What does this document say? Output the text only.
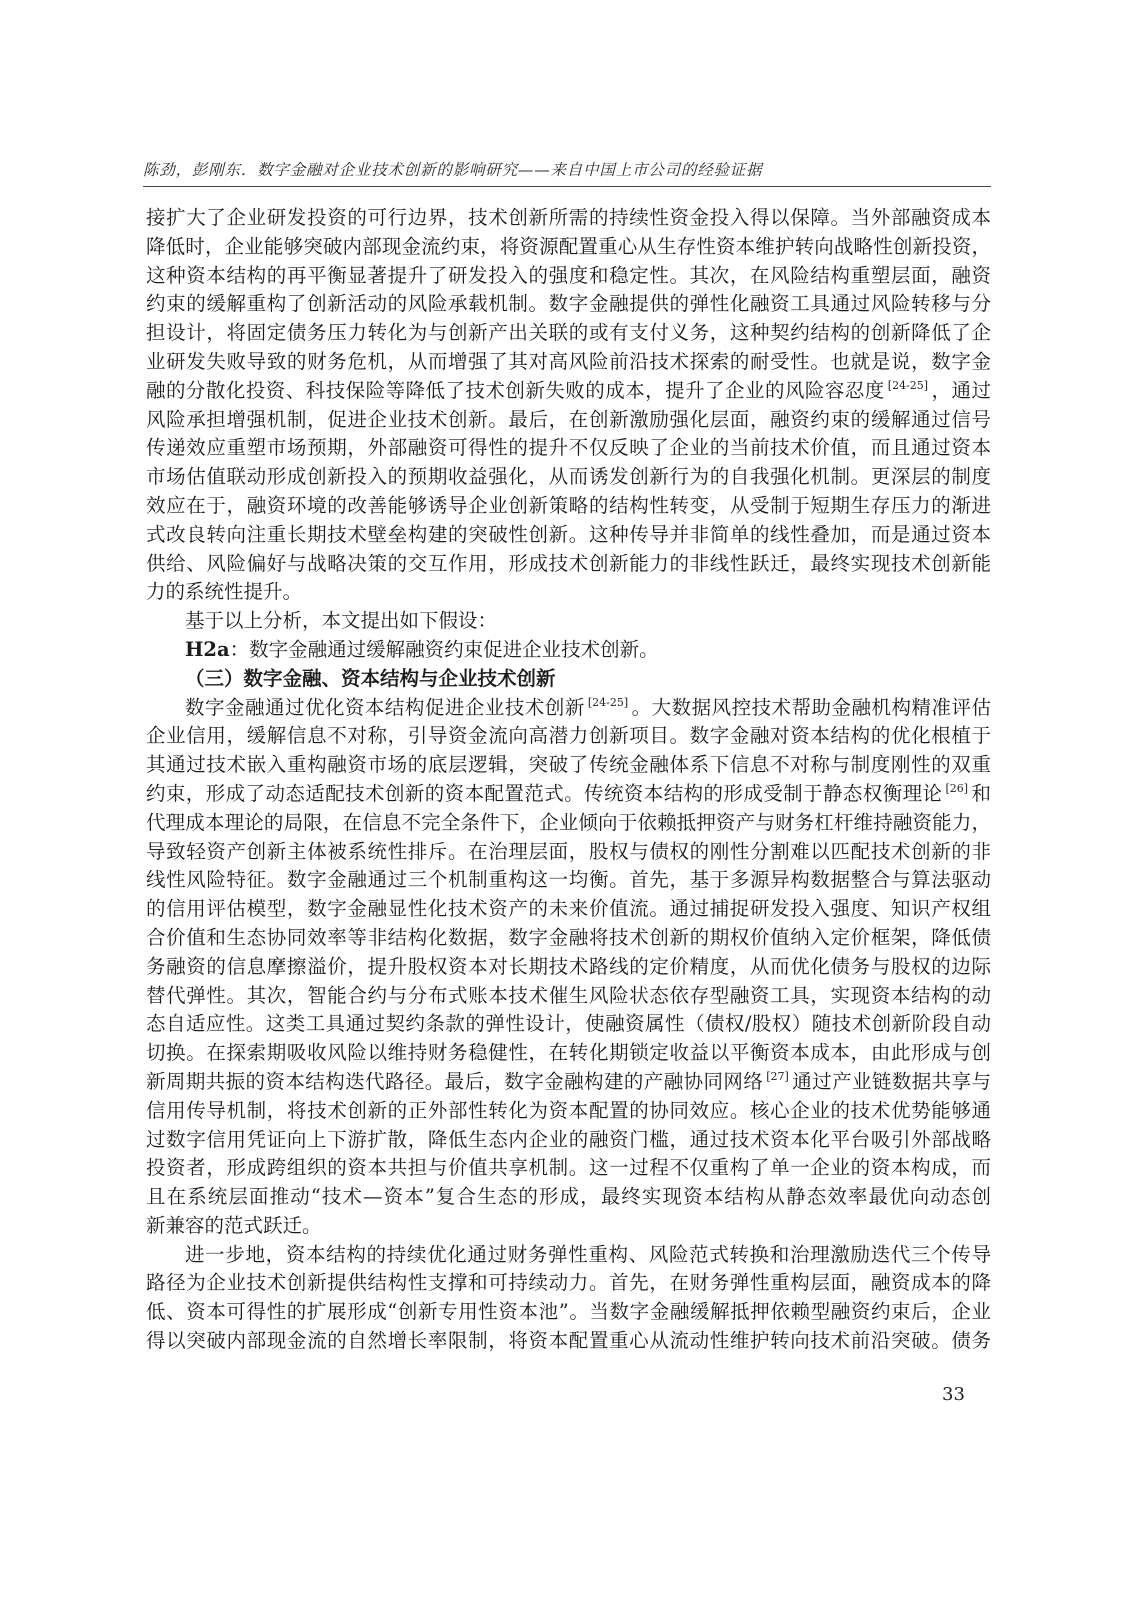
陈劲，彭刚东．数字金融对企业技术创新的影响研究——来自中国上市公司的经验证据
接扩大了企业研发投资的可行边界，技术创新所需的持续性资金投入得以保障。当外部融资成本
降低时，企业能够突破内部现金流约束，将资源配置重心从生存性资本维护转向战略性创新投资，
这种资本结构的再平衡显著提升了研发投入的强度和稳定性。其次，在风险结构重塑层面，融资
约束的缓解重构了创新活动的风险承载机制。数字金融提供的弹性化融资工具通过风险转移与分
担设计，将固定债务压力转化为与创新产出关联的或有支付义务，这种契约结构的创新降低了企
业研发失败导致的财务危机，从而增强了其对高风险前沿技术探索的耐受性。也就是说，数字金
融的分散化投资、科技保险等降低了技术创新失败的成本，提升了企业的风险容忍度 [24-25] ，通过
风险承担增强机制，促进企业技术创新。最后，在创新激励强化层面，融资约束的缓解通过信号
传递效应重塑市场预期，外部融资可得性的提升不仅反映了企业的当前技术价值，而且通过资本
市场估值联动形成创新投入的预期收益强化，从而诱发创新行为的自我强化机制。更深层的制度
效应在于，融资环境的改善能够诱导企业创新策略的结构性转变，从受制于短期生存压力的渐进
式改良转向注重长期技术壁垒构建的突破性创新。这种传导并非简单的线性叠加，而是通过资本
供给、风险偏好与战略决策的交互作用，形成技术创新能力的非线性跃迁，最终实现技术创新能
力的系统性提升。
基于以上分析，本文提出如下假设：
H2a：数字金融通过缓解融资约束促进企业技术创新。
（三）数字金融、资本结构与企业技术创新
数字金融通过优化资本结构促进企业技术创新 [24-25] 。大数据风控技术帮助金融机构精准评估
企业信用，缓解信息不对称，引导资金流向高潜力创新项目。数字金融对资本结构的优化根植于
其通过技术嵌入重构融资市场的底层逻辑，突破了传统金融体系下信息不对称与制度刚性的双重
约束，形成了动态适配技术创新的资本配置范式。传统资本结构的形成受制于静态权衡理论 [26] 和
代理成本理论的局限，在信息不完全条件下，企业倾向于依赖抵押资产与财务杠杆维持融资能力，
导致轻资产创新主体被系统性排斥。在治理层面，股权与债权的刚性分割难以匹配技术创新的非
线性风险特征。数字金融通过三个机制重构这一均衡。首先，基于多源异构数据整合与算法驱动
的信用评估模型，数字金融显性化技术资产的未来价值流。通过捕捉研发投入强度、知识产权组
合价值和生态协同效率等非结构化数据，数字金融将技术创新的期权价值纳入定价框架，降低债
务融资的信息摩擦溢价，提升股权资本对长期技术路线的定价精度，从而优化债务与股权的边际
替代弹性。其次，智能合约与分布式账本技术催生风险状态依存型融资工具，实现资本结构的动
态自适应性。这类工具通过契约条款的弹性设计，使融资属性（债权/股权）随技术创新阶段自动
切换。在探索期吸收风险以维持财务稳健性，在转化期锁定收益以平衡资本成本，由此形成与创
新周期共振的资本结构迭代路径。最后，数字金融构建的产融协同网络 [27] 通过产业链数据共享与
信用传导机制，将技术创新的正外部性转化为资本配置的协同效应。核心企业的技术优势能够通
过数字信用凭证向上下游扩散，降低生态内企业的融资门槛，通过技术资本化平台吸引外部战略
投资者，形成跨组织的资本共担与价值共享机制。这一过程不仅重构了单一企业的资本构成，而
且在系统层面推动“技术—资本”复合生态的形成，最终实现资本结构从静态效率最优向动态创
新兼容的范式跃迁。
进一步地，资本结构的持续优化通过财务弹性重构、风险范式转换和治理激励迭代三个传导
路径为企业技术创新提供结构性支撑和可持续动力。首先，在财务弹性重构层面，融资成本的降
低、资本可得性的扩展形成“创新专用性资本池”。当数字金融缓解抵押依赖型融资约束后，企业
得以突破内部现金流的自然增长率限制，将资本配置重心从流动性维护转向技术前沿突破。债务
33
